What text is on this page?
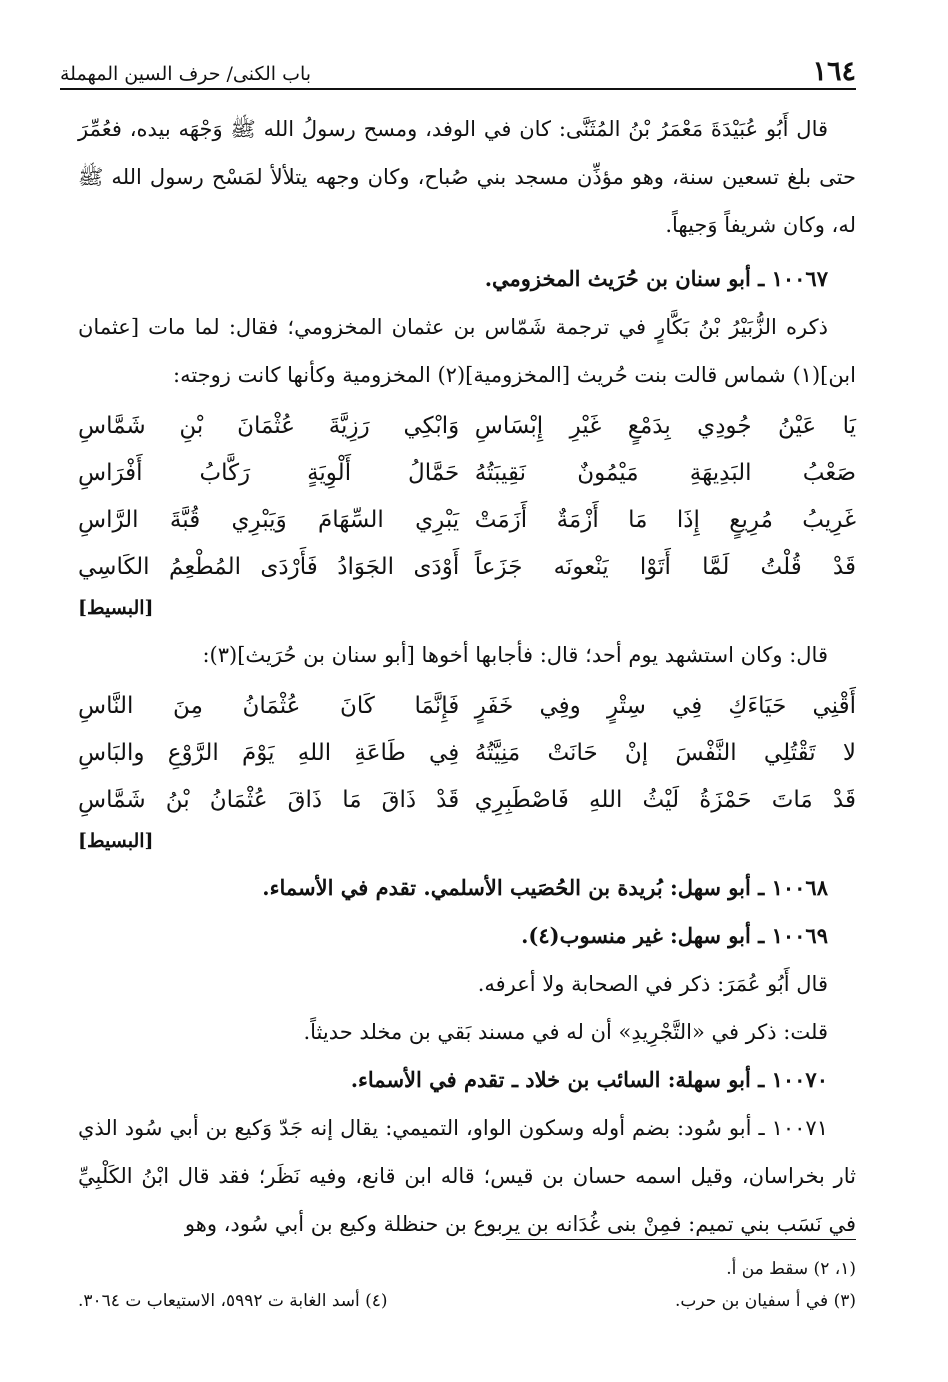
١٦٤
باب الكنى/ حرف السين المهملة

قال أَبُو عُبَيْدَةَ مَعْمَرُ بْنُ المُثَنَّى: كان في الوفد، ومسح رسولُ الله ﷺ وَجْهَه بيده، فعُمِّرَ حتى بلغ تسعين سنة، وهو مؤذِّن مسجد بني صُباح، وكان وجهه يتلألأ لمَسْح رسول الله ﷺ له، وكان شريفاً وَجيهاً.

١٠٠٦٧ ـ أبو سنان بن حُرَيث المخزومي.

ذكره الزُّبَيْرُ بْنُ بَكَّارٍ في ترجمة شَمّاس بن عثمان المخزومي؛ فقال: لما مات [عثمان ابن](١) شماس قالت بنت حُريث [المخزومية](٢) المخزومية وكأنها كانت زوجته:

يَا عَيْنُ جُودِي بِدَمْعٍ غَيْرِ إِبْسَاسِ
وَابْكِي رَزِيَّةَ عُثْمَانَ بْنِ شَمَّاسِ
صَعْبُ البَدِيهَةِ مَيْمُونٌ نَقِيبَتُهُ
حَمَّالُ أَلْوِيَةٍ رَكَّابُ أَفْرَاسِ
غَرِيبُ مُرِيعٍ إِذَا مَا أَزْمَةٌ أَزَمَتْ
يَبْرِي السِّهَامَ وَيَبْرِي قُبَّةَ الرَّاسِ
قَدْ قُلْتُ لَمَّا أَتَوْا يَنْعونَه جَزَعاً
أَوْدَى الجَوَادُ فَأَرْدَى المُطْعِمُ الكَاسِي
[البسيط]

قال: وكان استشهد يوم أحد؛ قال: فأجابها أخوها [أبو سنان بن حُرَيث](٣):

أَقْنِي حَيَاءَكِ فِي سِتْرٍ وفِي خَفَرٍ
فَإِنَّمَا كَانَ عُثْمَانُ مِنَ النَّاسِ
لا تَقْتُلِي النَّفْسَ إنْ حَانَتْ مَنِيَّتُهُ
فِي طَاعَةِ اللهِ يَوْمَ الرَّوْعِ والبَاسِ
قَدْ مَاتَ حَمْزَةُ لَيْثُ اللهِ فَاصْطَبِرِي
قَدْ ذَاقَ مَا ذَاقَ عُثْمَانُ بْنُ شَمَّاسِ
[البسيط]

١٠٠٦٨ ـ أبو سهل: بُريدة بن الحُصَيب الأسلمي. تقدم في الأسماء.

١٠٠٦٩ ـ أبو سهل: غير منسوب(٤).

قال أَبُو عُمَرَ: ذكر في الصحابة ولا أعرفه.

قلت: ذكر في «التَّجْرِيدِ» أن له في مسند بَقي بن مخلد حديثاً.

١٠٠٧٠ ـ أبو سهلة: السائب بن خلاد ـ تقدم في الأسماء.

١٠٠٧١ ـ أبو سُود: بضم أوله وسكون الواو، التميمي: يقال إنه جَدّ وَكيع بن أبي سُود الذي ثار بخراسان، وقيل اسمه حسان بن قيس؛ قاله ابن قانع، وفيه نَظَر؛ فقد قال ابْنُ الكَلْبِيِّ في نَسَب بني تميم: فمِنْ بنى غُدَانه بن يربوع بن حنظلة وكيع بن أبي سُود، وهو

(١، ٢) سقط من أ.
(٣) في أ سفيان بن حرب.
(٤) أسد الغابة ت ٥٩٩٢، الاستيعاب ت ٣٠٦٤.
